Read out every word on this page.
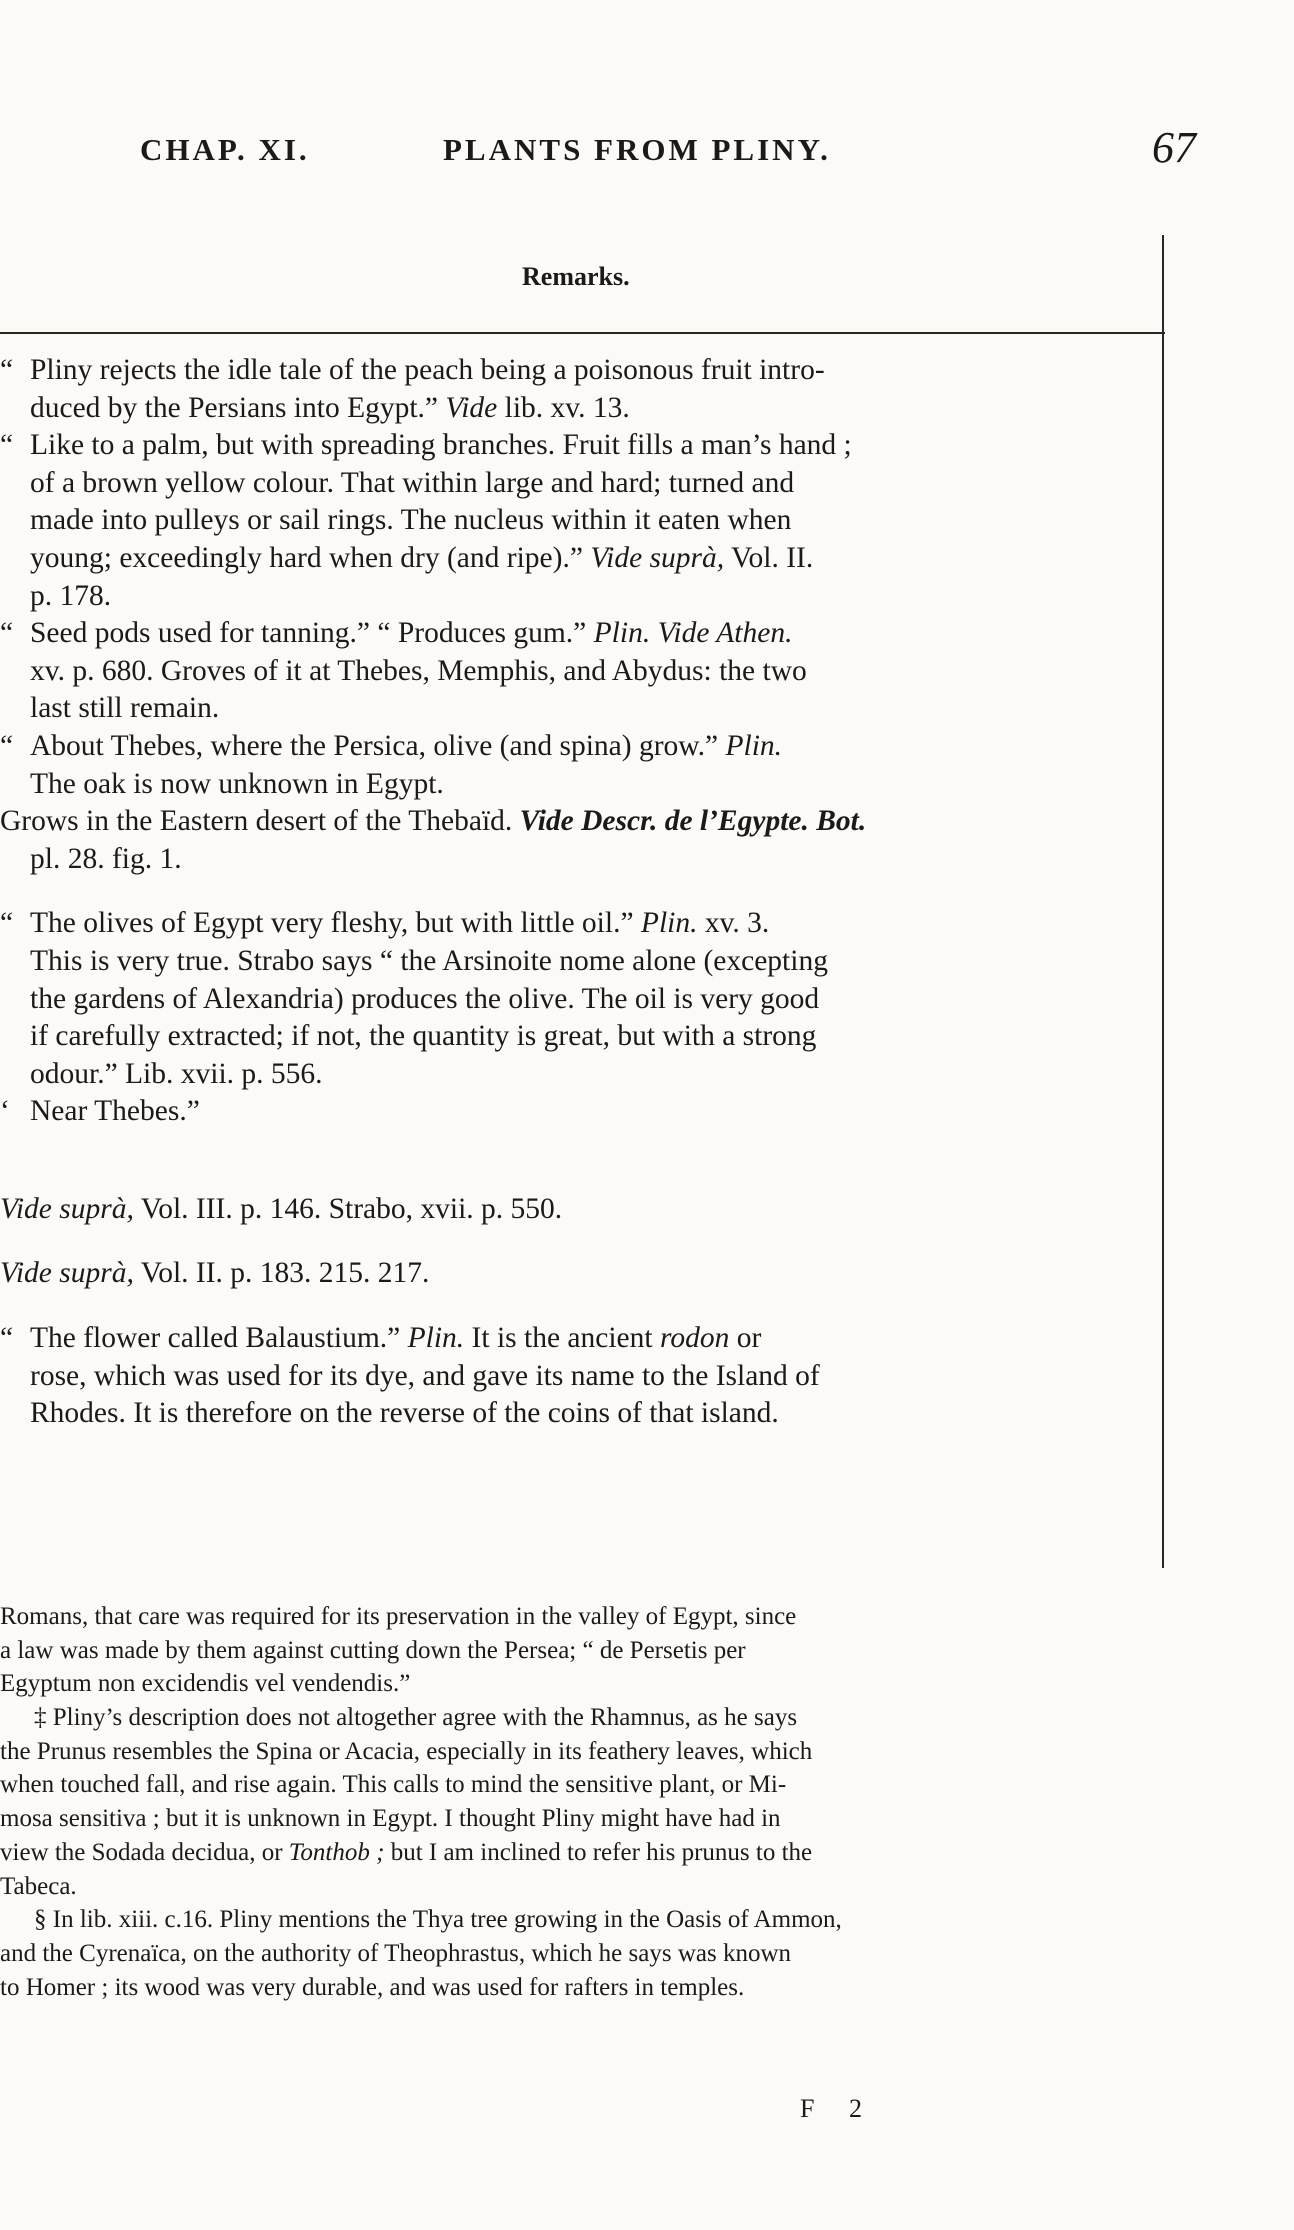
CHAP. XI.	PLANTS FROM PLINY.	67
Remarks.
“ Pliny rejects the idle tale of the peach being a poisonous fruit intro-
duced by the Persians into Egypt.” Vide lib. xv. 13.
“ Like to a palm, but with spreading branches. Fruit fills a man’s hand ;
of a brown yellow colour. That within large and hard; turned and
made into pulleys or sail rings. The nucleus within it eaten when
young; exceedingly hard when dry (and ripe).” Vide suprà, Vol. II.
p. 178.
“ Seed pods used for tanning.” “ Produces gum.” Plin. Vide Athen.
xv. p. 680. Groves of it at Thebes, Memphis, and Abydus: the two
last still remain.
“ About Thebes, where the Persica, olive (and spina) grow.” Plin.
The oak is now unknown in Egypt.
Grows in the Eastern desert of the Thebaïd. Vide Descr. de l’Egypte. Bot.
pl. 28. fig. 1.
“ The olives of Egypt very fleshy, but with little oil.” Plin. xv. 3.
This is very true. Strabo says “ the Arsinoite nome alone (excepting
the gardens of Alexandria) produces the olive. The oil is very good
if carefully extracted; if not, the quantity is great, but with a strong
odour.” Lib. xvii. p. 556.
‘ Near Thebes.”
Vide suprà, Vol. III. p. 146. Strabo, xvii. p. 550.
Vide suprà, Vol. II. p. 183. 215. 217.
“ The flower called Balaustium.” Plin. It is the ancient rodon or
rose, which was used for its dye, and gave its name to the Island of
Rhodes. It is therefore on the reverse of the coins of that island.
Romans, that care was required for its preservation in the valley of Egypt, since
a law was made by them against cutting down the Persea; “ de Persetis per
Egyptum non excidendis vel vendendis.”
‡ Pliny’s description does not altogether agree with the Rhamnus, as he says
the Prunus resembles the Spina or Acacia, especially in its feathery leaves, which
when touched fall, and rise again. This calls to mind the sensitive plant, or Mi-
mosa sensitiva ; but it is unknown in Egypt. I thought Pliny might have had in
view the Sodada decidua, or Tonthob ; but I am inclined to refer his prunus to the
Tabeca.
§ In lib. xiii. c.16. Pliny mentions the Thya tree growing in the Oasis of Ammon,
and the Cyrenaïca, on the authority of Theophrastus, which he says was known
to Homer ; its wood was very durable, and was used for rafters in temples.
F 2
